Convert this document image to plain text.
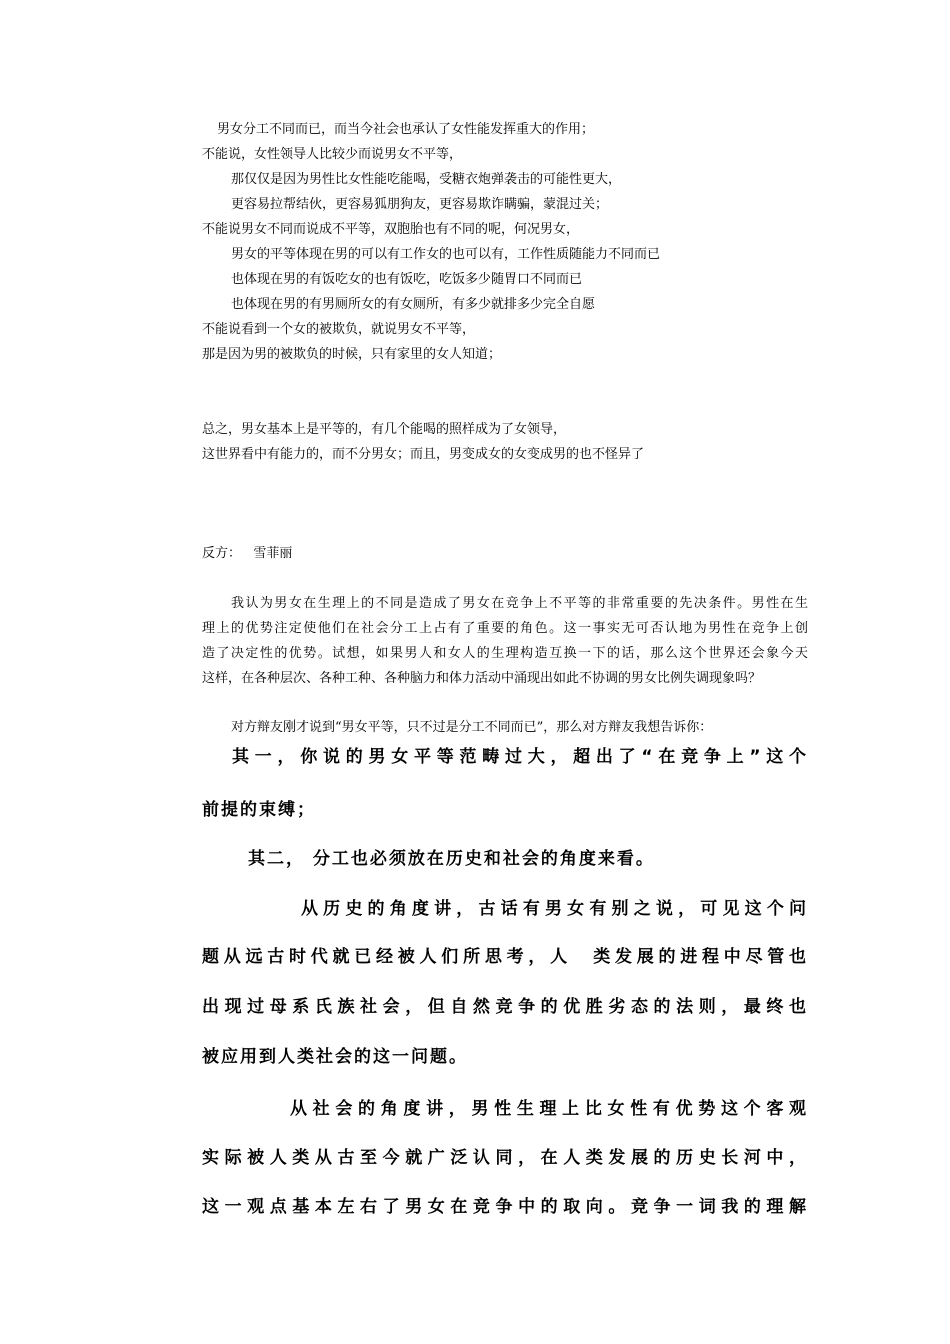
男女分工不同而已，而当今社会也承认了女性能发挥重大的作用；
不能说，女性领导人比较少而说男女不平等，
那仅仅是因为男性比女性能吃能喝，受糖衣炮弹袭击的可能性更大，
更容易拉帮结伙，更容易狐朋狗友，更容易欺诈瞒骗，蒙混过关；
不能说男女不同而说成不平等，双胞胎也有不同的呢，何况男女，
男女的平等体现在男的可以有工作女的也可以有，工作性质随能力不同而已
也体现在男的有饭吃女的也有饭吃，吃饭多少随胃口不同而已
也体现在男的有男厕所女的有女厕所，有多少就排多少完全自愿
不能说看到一个女的被欺负，就说男女不平等，
那是因为男的被欺负的时候，只有家里的女人知道；
总之，男女基本上是平等的，有几个能喝的照样成为了女领导，
这世界看中有能力的，而不分男女；而且，男变成女的女变成男的也不怪异了
反方：   雪菲丽
我认为男女在生理上的不同是造成了男女在竞争上不平等的非常重要的先决条件。男性在生
理上的优势注定使他们在社会分工上占有了重要的角色。这一事实无可否认地为男性在竞争上创
造了决定性的优势。试想，如果男人和女人的生理构造互换一下的话，那么这个世界还会象今天
这样，在各种层次、各种工种、各种脑力和体力活动中涌现出如此不协调的男女比例失调现象吗？
对方辩友刚才说到“男女平等，只不过是分工不同而已”，那么对方辩友我想告诉你：
其一，你说的男女平等范畴过大，超出了“在竞争上”这个
前提的束缚；
其二， 分工也必须放在历史和社会的角度来看。
从历史的角度讲，古话有男女有别之说，可见这个问
题从远古时代就已经被人们所思考，人  类发展的进程中尽管也
出现过母系氏族社会，但自然竞争的优胜劣态的法则，最终也
被应用到人类社会的这一问题。
从社会的角度讲，男性生理上比女性有优势这个客观
实际被人类从古至今就广泛认同，在人类发展的历史长河中，
这一观点基本左右了男女在竞争中的取向。竞争一词我的理解
